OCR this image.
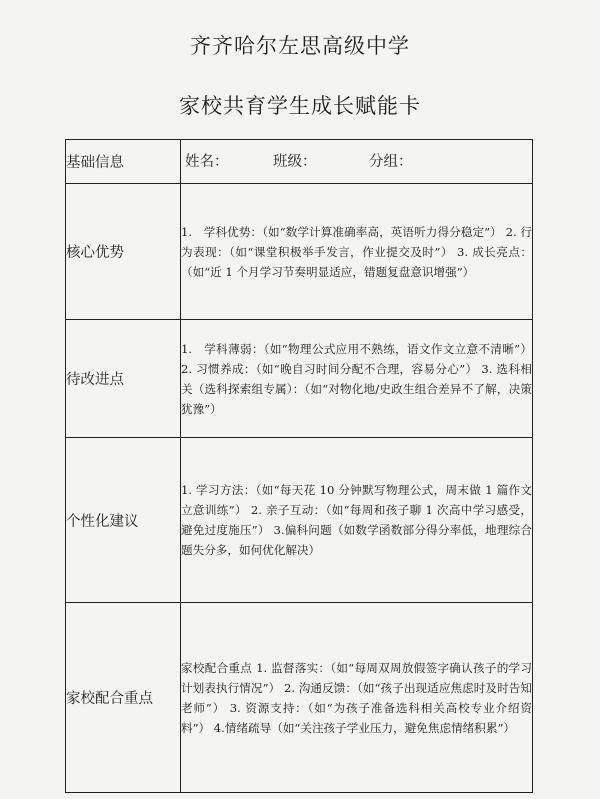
齐齐哈尔左思高级中学
家校共育学生成长赋能卡
基础信息	姓名： 班级： 分组：

核心优势	1.　学科优势：（如“数学计算准确率高，英语听力得分稳定”） 2. 行为表现：（如“课堂积极举手发言，作业提交及时”） 3. 成长亮点：（如“近 1 个月学习节奏明显适应，错题复盘意识增强”）
待改进点	1.　学科薄弱：（如“物理公式应用不熟练，语文作文立意不清晰”） 2. 习惯养成：（如“晚自习时间分配不合理，容易分心”） 3. 选科相关（选科探索组专属）：（如“对物化地/史政生组合差异不了解，决策犹豫”）
个性化建议	1. 学习方法：（如“每天花 10 分钟默写物理公式，周末做 1 篇作文立意训练”） 2. 亲子互动：（如“每周和孩子聊 1 次高中学习感受，避免过度施压”） 3.偏科问题（如数学函数部分得分率低，地理综合题失分多，如何优化解决）
家校配合重点	家校配合重点 1. 监督落实：（如“每周双周放假签字确认孩子的学习计划表执行情况”） 2. 沟通反馈：（如“孩子出现适应焦虑时及时告知老师”） 3. 资源支持：（如“为孩子准备选科相关高校专业介绍资料”） 4.情绪疏导（如“关注孩子学业压力，避免焦虑情绪积累”）
